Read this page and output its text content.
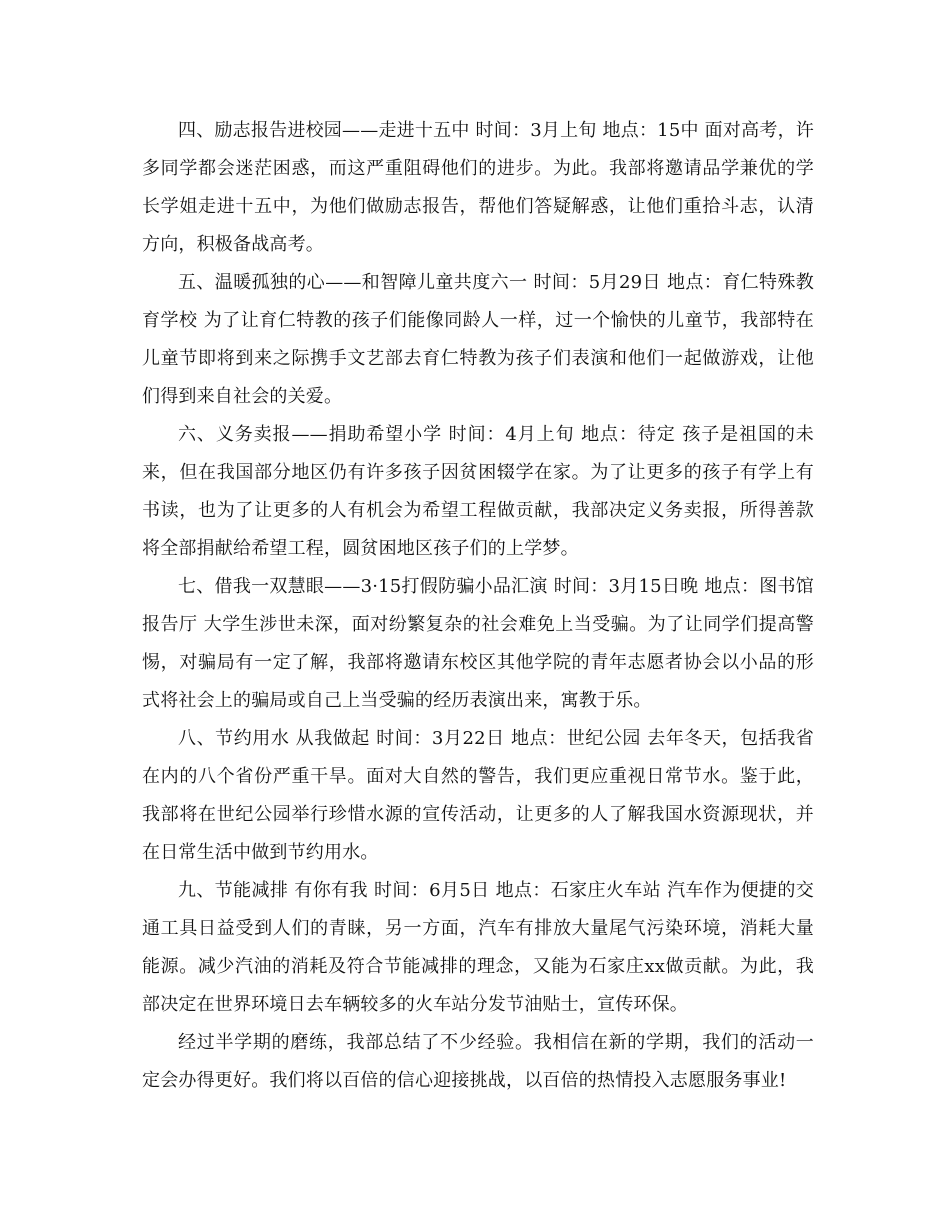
四、励志报告进校园——走进十五中 时间：3月上旬 地点：15中 面对高考，许多同学都会迷茫困惑，而这严重阻碍他们的进步。为此。我部将邀请品学兼优的学长学姐走进十五中，为他们做励志报告，帮他们答疑解惑，让他们重拾斗志，认清方向，积极备战高考。

五、温暖孤独的心——和智障儿童共度六一 时间：5月29日 地点：育仁特殊教育学校 为了让育仁特教的孩子们能像同龄人一样，过一个愉快的儿童节，我部特在儿童节即将到来之际携手文艺部去育仁特教为孩子们表演和他们一起做游戏，让他们得到来自社会的关爱。

六、义务卖报——捐助希望小学 时间：4月上旬 地点：待定 孩子是祖国的未来，但在我国部分地区仍有许多孩子因贫困辍学在家。为了让更多的孩子有学上有书读，也为了让更多的人有机会为希望工程做贡献，我部决定义务卖报，所得善款将全部捐献给希望工程，圆贫困地区孩子们的上学梦。

七、借我一双慧眼——3·15打假防骗小品汇演 时间：3月15日晚 地点：图书馆报告厅 大学生涉世未深，面对纷繁复杂的社会难免上当受骗。为了让同学们提高警惕，对骗局有一定了解，我部将邀请东校区其他学院的青年志愿者协会以小品的形式将社会上的骗局或自己上当受骗的经历表演出来，寓教于乐。

八、节约用水 从我做起 时间：3月22日 地点：世纪公园 去年冬天，包括我省在内的八个省份严重干旱。面对大自然的警告，我们更应重视日常节水。鉴于此，我部将在世纪公园举行珍惜水源的宣传活动，让更多的人了解我国水资源现状，并在日常生活中做到节约用水。

九、节能减排 有你有我 时间：6月5日 地点：石家庄火车站 汽车作为便捷的交通工具日益受到人们的青睐，另一方面，汽车有排放大量尾气污染环境，消耗大量能源。减少汽油的消耗及符合节能减排的理念，又能为石家庄xx做贡献。为此，我部决定在世界环境日去车辆较多的火车站分发节油贴士，宣传环保。

经过半学期的磨练，我部总结了不少经验。我相信在新的学期，我们的活动一定会办得更好。我们将以百倍的信心迎接挑战，以百倍的热情投入志愿服务事业!
